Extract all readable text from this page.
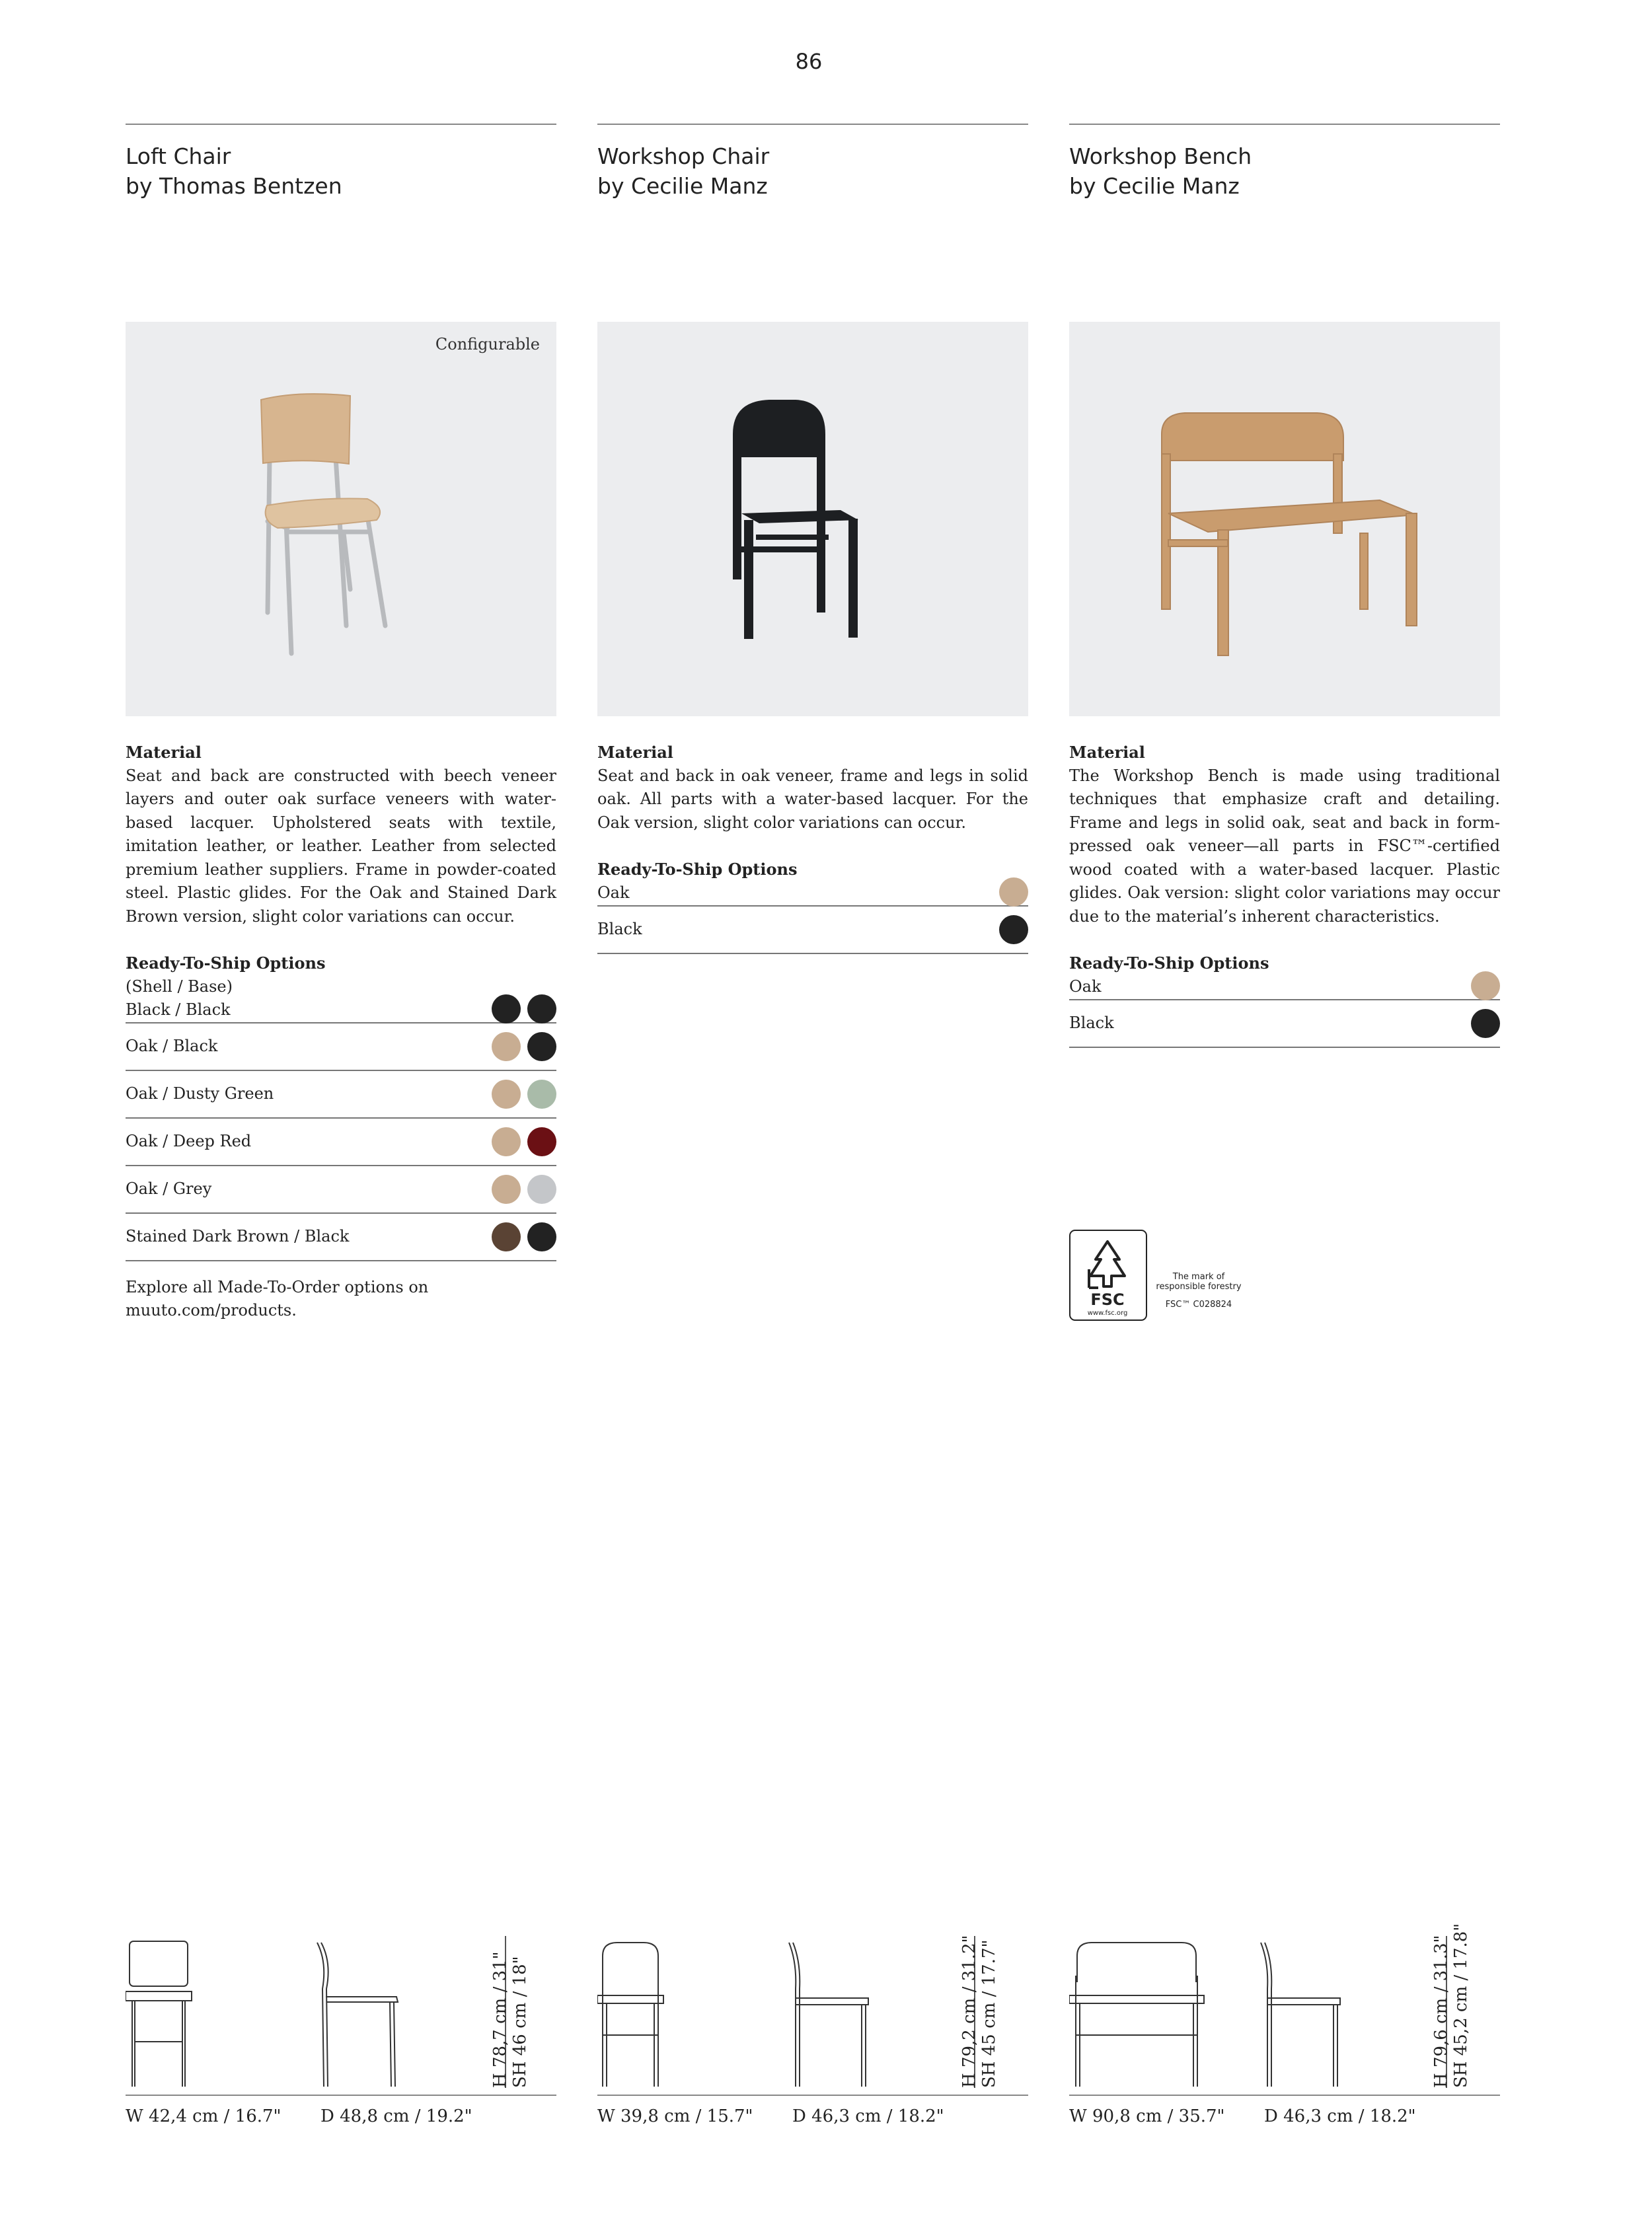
86
Loft Chair
by Thomas Bentzen
Configurable
Material
Seat and back are constructed with beech veneer layers and outer oak surface veneers with water-based lacquer. Upholstered seats with textile, imitation leather, or leather. Leather from selected premium leather suppliers. Frame in powder-coated steel. Plastic glides. For the Oak and Stained Dark Brown version, slight color variations can occur.
Ready-To-Ship Options
(Shell / Base)
Black / Black
Oak / Black
Oak / Dusty Green
Oak / Deep Red
Oak / Grey
Stained Dark Brown / Black
Explore all Made-To-Order options on
muuto.com/products.
Workshop Chair
by Cecilie Manz
Material
Seat and back in oak veneer, frame and legs in solid oak. All parts with a water-based lacquer. For the Oak version, slight color variations can occur.
Ready-To-Ship Options
Oak
Black
Workshop Bench
by Cecilie Manz
Material
The Workshop Bench is made using traditional techniques that emphasize craft and detailing. Frame and legs in solid oak, seat and back in form-pressed oak veneer—all parts in FSC™-certified wood coated with a water-based lacquer. Plastic glides. Oak version: slight color variations may occur due to the material’s inherent characteristics.
Ready-To-Ship Options
Oak
Black
FSC
www.fsc.org
The mark of
responsible forestry
FSC™ C028824
H 78,7 cm / 31" SH 46 cm / 18"
W 42,4 cm / 16.7" D 48,8 cm / 19.2"
H 79,2 cm / 31.2" SH 45 cm / 17.7"
W 39,8 cm / 15.7" D 46,3 cm / 18.2"
H 79,6 cm / 31.3" SH 45,2 cm / 17.8"
W 90,8 cm / 35.7" D 46,3 cm / 18.2"
